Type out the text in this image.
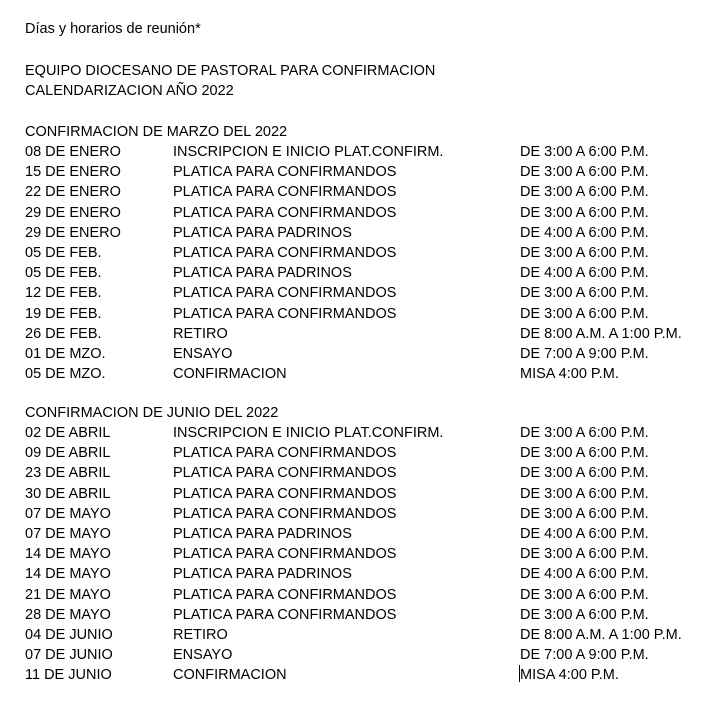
Días y horarios de reunión*
EQUIPO DIOCESANO DE PASTORAL PARA CONFIRMACION
CALENDARIZACION AÑO 2022
CONFIRMACION DE MARZO DEL 2022
08 DE ENERO	INSCRIPCION E INICIO PLAT.CONFIRM.	DE 3:00 A 6:00 P.M.
15 DE ENERO	PLATICA PARA CONFIRMANDOS	DE 3:00 A 6:00 P.M.
22 DE ENERO	PLATICA PARA CONFIRMANDOS	DE 3:00 A 6:00 P.M.
29 DE ENERO	PLATICA PARA CONFIRMANDOS	DE 3:00 A 6:00 P.M.
29 DE ENERO	PLATICA PARA PADRINOS	DE 4:00 A 6:00 P.M.
05 DE FEB.	PLATICA PARA CONFIRMANDOS	DE 3:00 A 6:00 P.M.
05 DE FEB.	PLATICA PARA PADRINOS	DE 4:00 A 6:00 P.M.
12 DE FEB.	PLATICA PARA CONFIRMANDOS	DE 3:00 A 6:00 P.M.
19 DE FEB.	PLATICA PARA CONFIRMANDOS	DE 3:00 A 6:00 P.M.
26 DE FEB.	RETIRO	DE 8:00 A.M. A 1:00 P.M.
01 DE MZO.	ENSAYO	DE 7:00 A 9:00 P.M.
05 DE MZO.	CONFIRMACION	MISA 4:00 P.M.
CONFIRMACION DE JUNIO DEL 2022
02 DE ABRIL	INSCRIPCION E INICIO PLAT.CONFIRM.	DE 3:00 A 6:00 P.M.
09 DE ABRIL	PLATICA PARA CONFIRMANDOS	DE 3:00 A 6:00 P.M.
23 DE ABRIL	PLATICA PARA CONFIRMANDOS	DE 3:00 A 6:00 P.M.
30 DE ABRIL	PLATICA PARA CONFIRMANDOS	DE 3:00 A 6:00 P.M.
07 DE MAYO	PLATICA PARA CONFIRMANDOS	DE 3:00 A 6:00 P.M.
07 DE MAYO	PLATICA PARA PADRINOS	DE 4:00 A 6:00 P.M.
14 DE MAYO	PLATICA PARA CONFIRMANDOS	DE 3:00 A 6:00 P.M.
14 DE MAYO	PLATICA PARA PADRINOS	DE 4:00 A 6:00 P.M.
21 DE MAYO	PLATICA PARA CONFIRMANDOS	DE 3:00 A 6:00 P.M.
28 DE MAYO	PLATICA PARA CONFIRMANDOS	DE 3:00 A 6:00 P.M.
04 DE JUNIO	RETIRO	DE 8:00 A.M. A 1:00 P.M.
07 DE JUNIO	ENSAYO	DE 7:00 A 9:00 P.M.
11 DE JUNIO	CONFIRMACION	MISA 4:00 P.M.
